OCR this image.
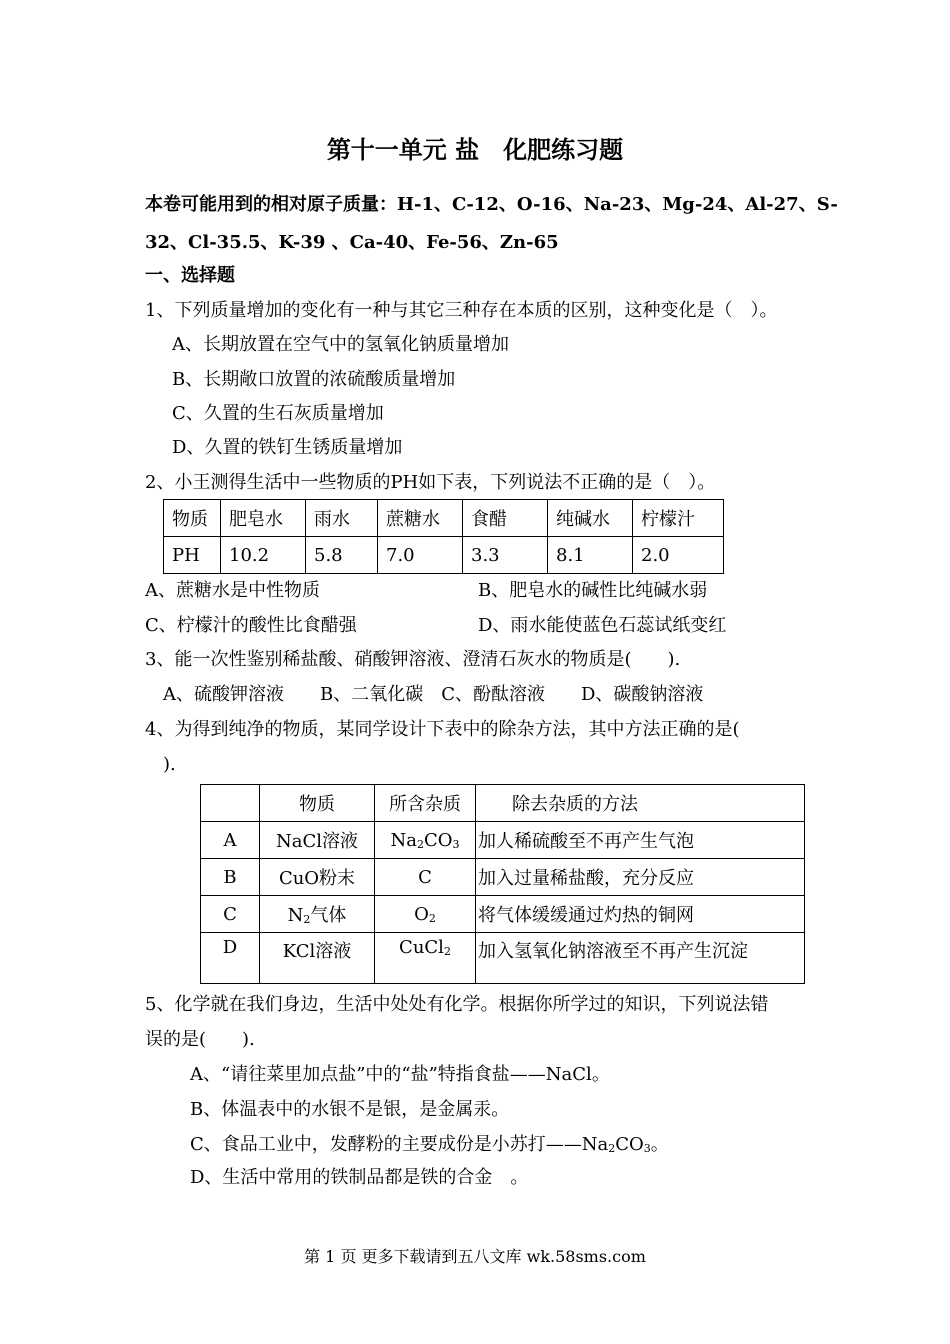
第十一单元 盐　化肥练习题
本卷可能用到的相对原子质量：H-1、C-12、O-16、Na-23、Mg-24、Al-27、S-
32、Cl-35.5、K-39 、Ca-40、Fe-56、Zn-65
一、选择题
1、下列质量增加的变化有一种与其它三种存在本质的区别，这种变化是（　）。
A、长期放置在空气中的氢氧化钠质量增加
B、长期敞口放置的浓硫酸质量增加
C、久置的生石灰质量增加
D、久置的铁钉生锈质量增加
2、小王测得生活中一些物质的PH如下表，下列说法不正确的是（　）。
物质	肥皂水	雨水	蔗糖水	食醋	纯碱水	柠檬汁
PH	10.2	5.8	7.0	3.3	8.1	2.0
A、蔗糖水是中性物质	B、肥皂水的碱性比纯碱水弱
C、柠檬汁的酸性比食醋强	D、雨水能使蓝色石蕊试纸变红
3、能一次性鉴别稀盐酸、硝酸钾溶液、澄清石灰水的物质是(　　).
A、硫酸钾溶液　　B、二氧化碳　C、酚酞溶液　　D、碳酸钠溶液
4、为得到纯净的物质，某同学设计下表中的除杂方法，其中方法正确的是(
　).
	物质	所含杂质	除去杂质的方法
A	NaCl溶液	$Na_2CO_3$	加人稀硫酸至不再产生气泡
B	CuO粉末	C	加入过量稀盐酸，充分反应
C	$N_2$气体	$O_2$	将气体缓缓通过灼热的铜网
D	KCl溶液	CuCl$_2$	加入氢氧化钠溶液至不再产生沉淀
5、化学就在我们身边，生活中处处有化学。根据你所学过的知识，下列说法错
误的是(　　).
A、“请往菜里加点盐”中的“盐”特指食盐——NaCl。
B、体温表中的水银不是银，是金属汞。
C、食品工业中，发酵粉的主要成份是小苏打$——Na_2CO_3$。
D、生活中常用的铁制品都是铁的合金　。
第 1 页 更多下载请到五八文库 wk.58sms.com
